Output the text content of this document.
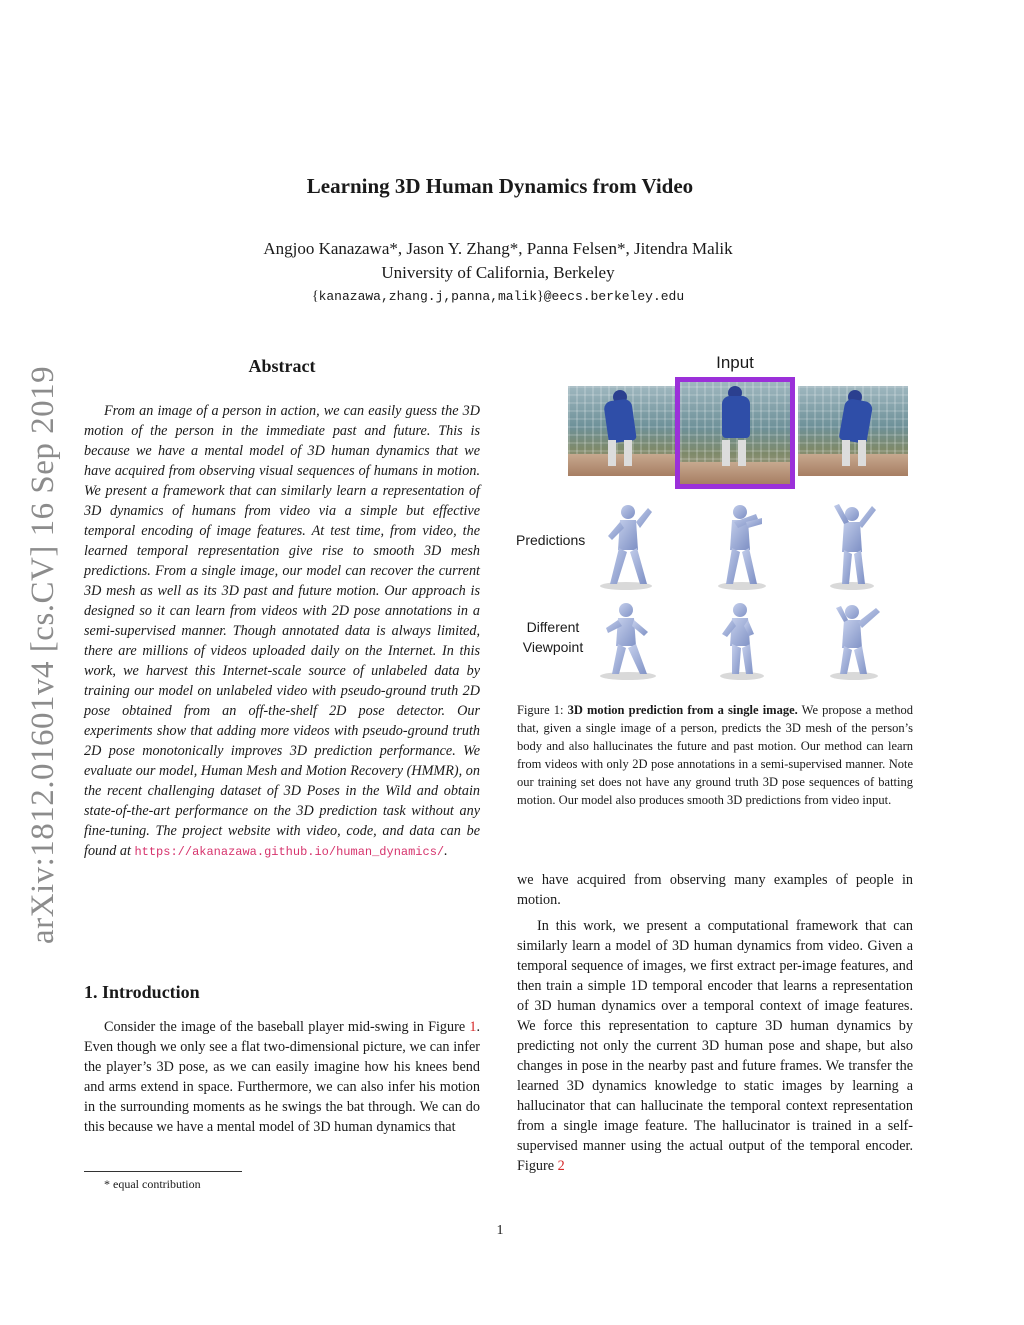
arXiv:1812.01601v4 [cs.CV] 16 Sep 2019
Learning 3D Human Dynamics from Video
Angjoo Kanazawa*, Jason Y. Zhang*, Panna Felsen*, Jitendra Malik
University of California, Berkeley
{kanazawa,zhang.j,panna,malik}@eecs.berkeley.edu
Abstract
From an image of a person in action, we can easily guess the 3D motion of the person in the immediate past and future. This is because we have a mental model of 3D human dynamics that we have acquired from observing visual sequences of humans in motion. We present a framework that can similarly learn a representation of 3D dynamics of humans from video via a simple but effective temporal encoding of image features. At test time, from video, the learned temporal representation give rise to smooth 3D mesh predictions. From a single image, our model can recover the current 3D mesh as well as its 3D past and future motion. Our approach is designed so it can learn from videos with 2D pose annotations in a semi-supervised manner. Though annotated data is always limited, there are millions of videos uploaded daily on the Internet. In this work, we harvest this Internet-scale source of unlabeled data by training our model on unlabeled video with pseudo-ground truth 2D pose obtained from an off-the-shelf 2D pose detector. Our experiments show that adding more videos with pseudo-ground truth 2D pose monotonically improves 3D prediction performance. We evaluate our model, Human Mesh and Motion Recovery (HMMR), on the recent challenging dataset of 3D Poses in the Wild and obtain state-of-the-art performance on the 3D prediction task without any fine-tuning. The project website with video, code, and data can be found at https://akanazawa.github.io/human_dynamics/.
1. Introduction
Consider the image of the baseball player mid-swing in Figure 1. Even though we only see a flat two-dimensional picture, we can infer the player’s 3D pose, as we can easily imagine how his knees bend and arms extend in space. Furthermore, we can also infer his motion in the surrounding moments as he swings the bat through. We can do this because we have a mental model of 3D human dynamics that
* equal contribution
1
Input
Predictions
Different
Viewpoint
Figure 1: 3D motion prediction from a single image. We propose a method that, given a single image of a person, predicts the 3D mesh of the person’s body and also hallucinates the future and past motion. Our method can learn from videos with only 2D pose annotations in a semi-supervised manner. Note our training set does not have any ground truth 3D pose sequences of batting motion. Our model also produces smooth 3D predictions from video input.

we have acquired from observing many examples of people in motion.

In this work, we present a computational framework that can similarly learn a model of 3D human dynamics from video. Given a temporal sequence of images, we first extract per-image features, and then train a simple 1D temporal encoder that learns a representation of 3D human dynamics over a temporal context of image features. We force this representation to capture 3D human dynamics by predicting not only the current 3D human pose and shape, but also changes in pose in the nearby past and future frames. We transfer the learned 3D dynamics knowledge to static images by learning a hallucinator that can hallucinate the temporal context representation from a single image feature. The hallucinator is trained in a self-supervised manner using the actual output of the temporal encoder. Figure 2
